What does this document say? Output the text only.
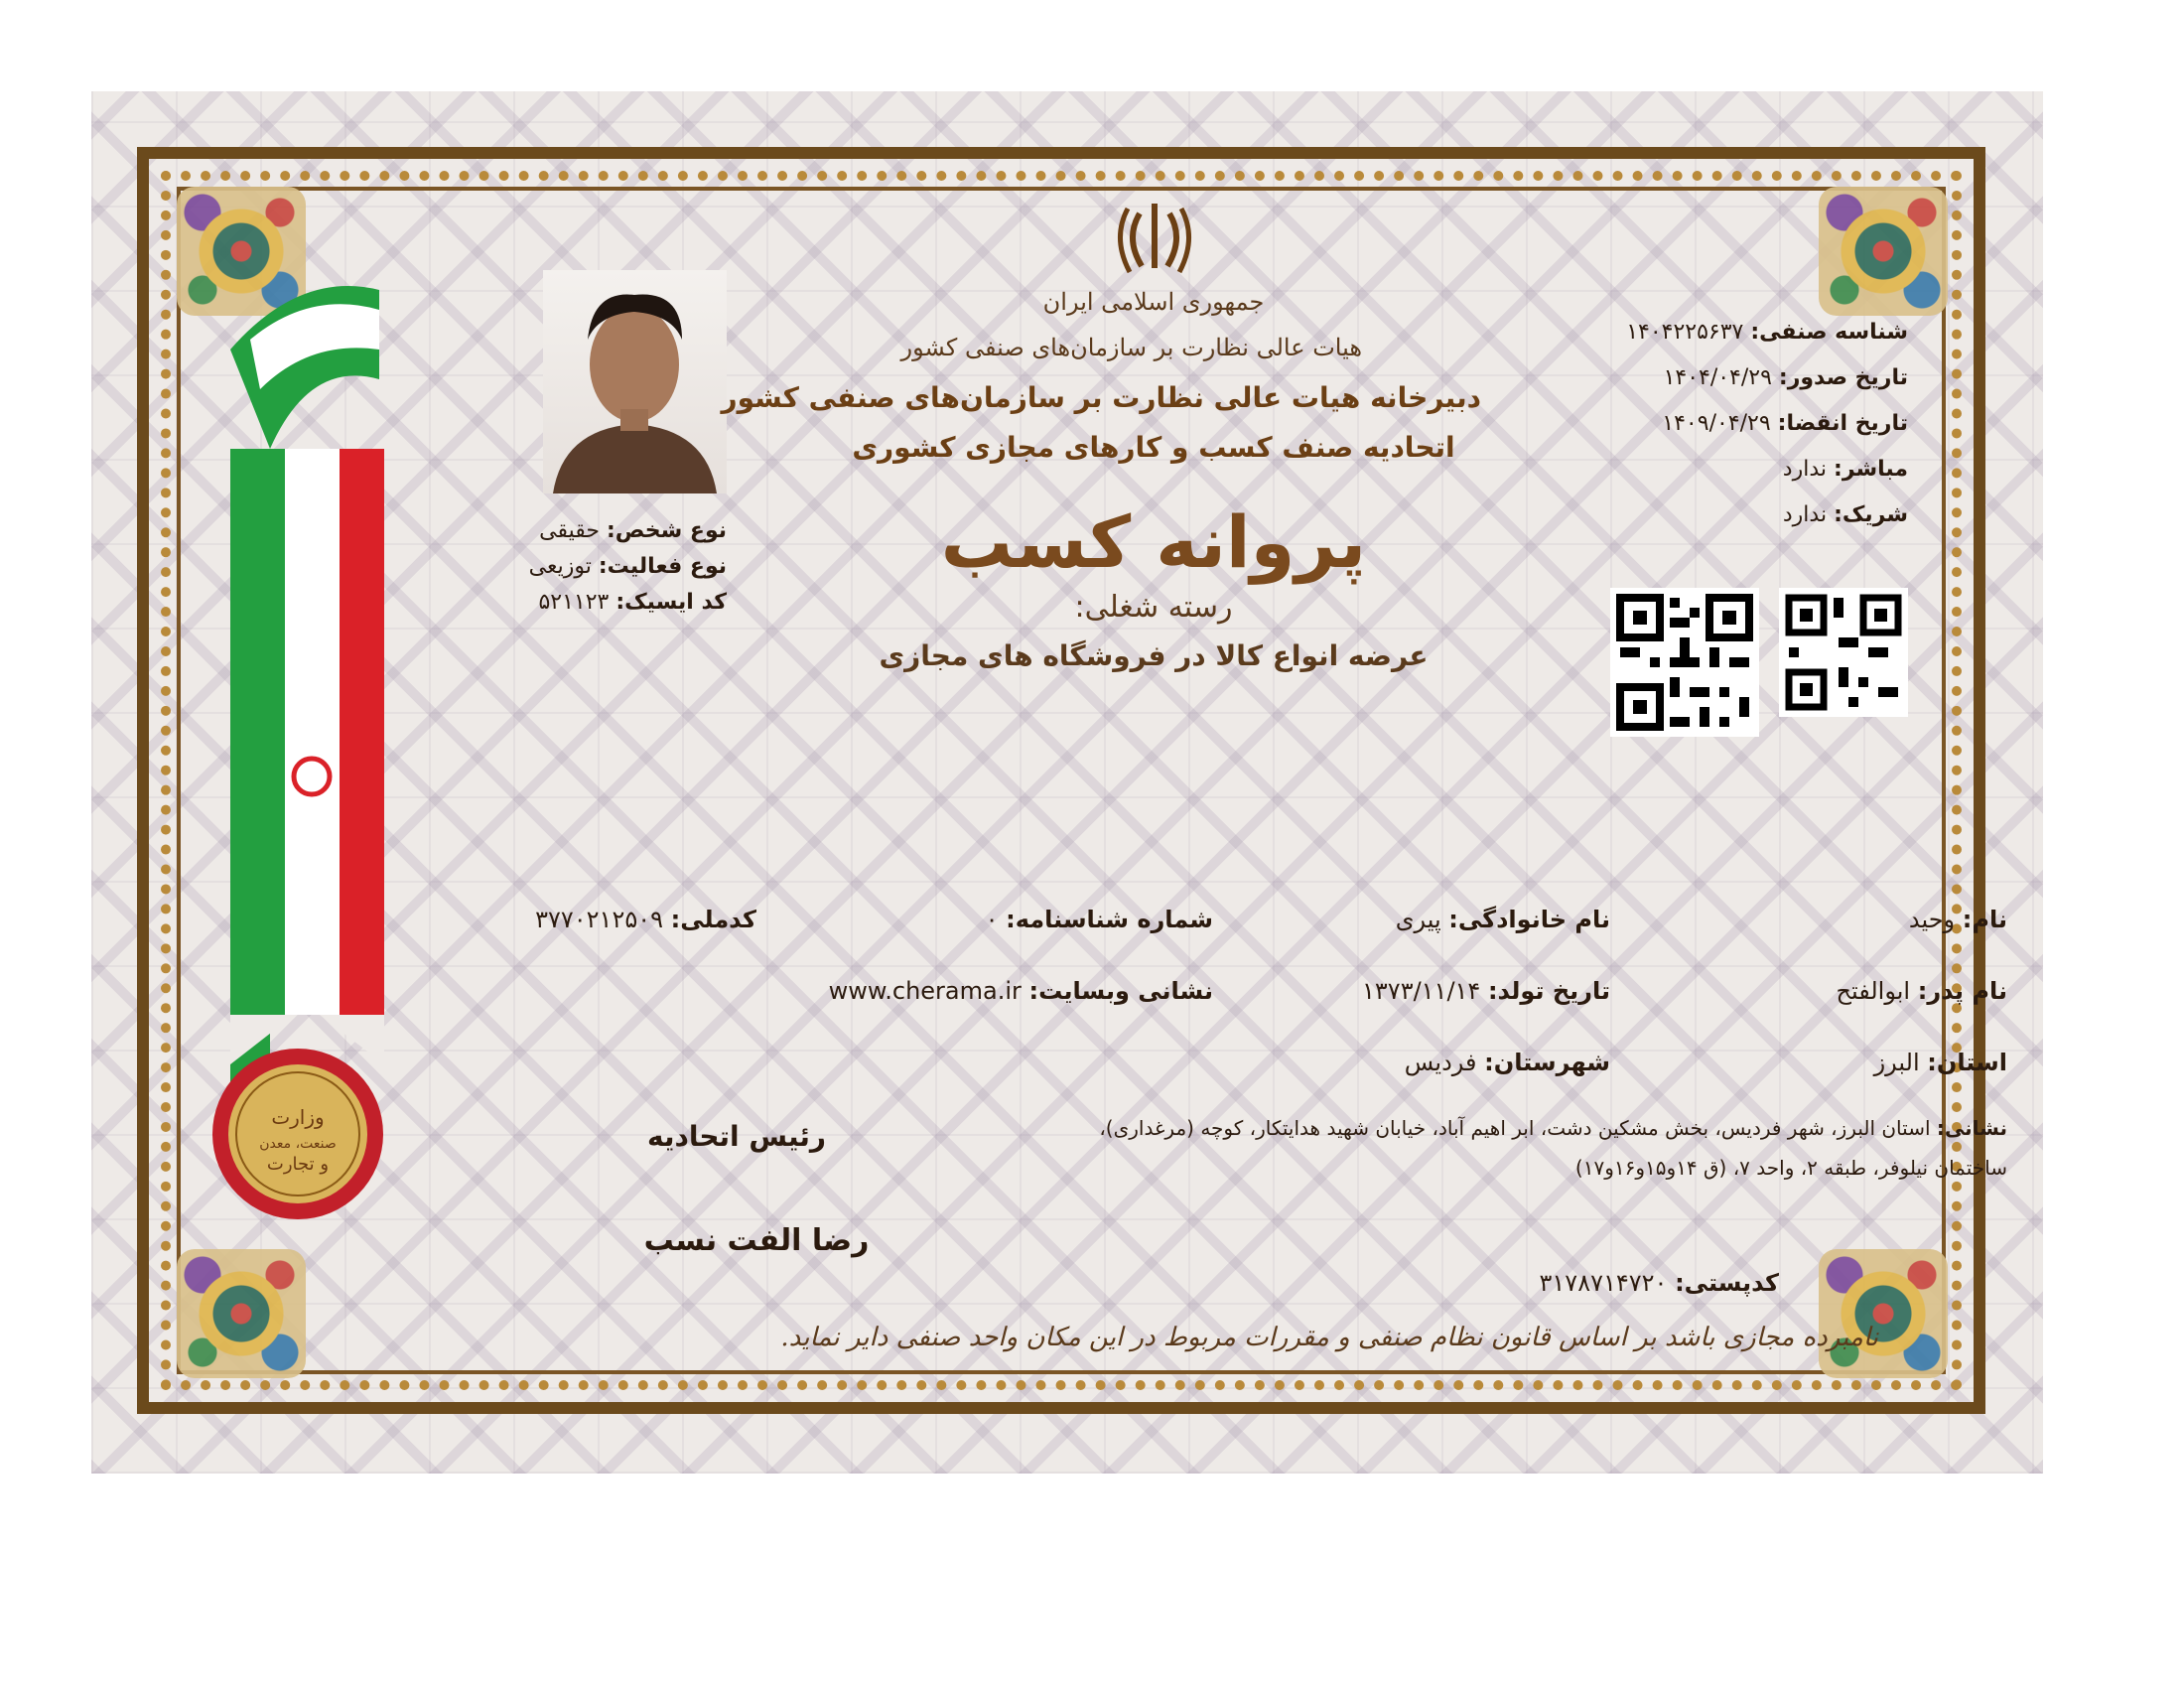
وزارت
صنعت، معدن
و تجارت
جمهوری اسلامی ایران
هیات عالی نظارت بر سازمان‌های صنفی کشور
دبیرخانه هیات عالی نظارت بر سازمان‌های صنفی کشور
اتحادیه صنف کسب و کارهای مجازی کشوری
پروانه کسب
رسته شغلی:
عرضه انواع کالا در فروشگاه های مجازی
نوع شخص: حقیقی
نوع فعالیت: توزیعی
کد ایسیک: ۵۲۱۱۲۳
شناسه صنفی: ۱۴۰۴۲۲۵۶۳۷
تاریخ صدور: ۱۴۰۴/۰۴/۲۹
تاریخ انقضا: ۱۴۰۹/۰۴/۲۹
مباشر: ندارد
شریک: ندارد
نام: وحید
نام خانوادگی: پیری
شماره شناسنامه: ۰
کدملی: ۳۷۷۰۲۱۲۵۰۹
نام پدر: ابوالفتح
تاریخ تولد: ۱۳۷۳/۱۱/۱۴
نشانی وبسایت: www.cherama.ir
استان: البرز
شهرستان: فردیس
نشانی: استان البرز، شهر فردیس، بخش مشکین دشت، ابر اهیم آباد، خیابان شهید هدایتکار، کوچه (مرغداری)،
ساختمان نیلوفر، طبقه ۲، واحد ۷، (ق ۱۴و۱۵و۱۶و۱۷)
کدپستی: ۳۱۷۸۷۱۴۷۲۰
رئیس اتحادیه
رضا الفت نسب
نامبرده مجازی باشد بر اساس قانون نظام صنفی و مقررات مربوط در این مکان واحد صنفی دایر نماید.
